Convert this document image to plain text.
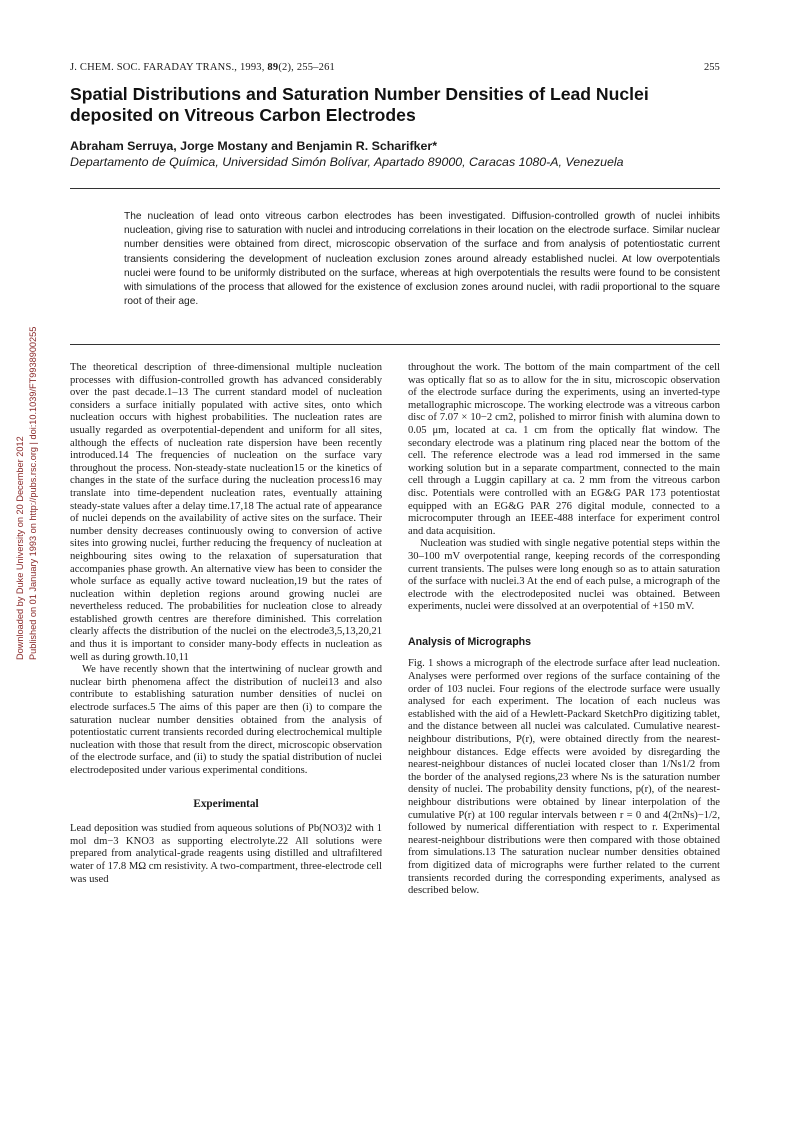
Downloaded by Duke University on 20 December 2012 Published on 01 January 1993 on http://pubs.rsc.org | doi:10.1039/FT9938900255
J. CHEM. SOC. FARADAY TRANS., 1993, 89(2), 255–261	255
Spatial Distributions and Saturation Number Densities of Lead Nuclei deposited on Vitreous Carbon Electrodes
Abraham Serruya, Jorge Mostany and Benjamin R. Scharifker*
Departamento de Química, Universidad Simón Bolívar, Apartado 89000, Caracas 1080-A, Venezuela
The nucleation of lead onto vitreous carbon electrodes has been investigated. Diffusion-controlled growth of nuclei inhibits nucleation, giving rise to saturation with nuclei and introducing correlations in their location on the electrode surface. Similar nuclear number densities were obtained from direct, microscopic observation of the surface and from analysis of potentiostatic current transients considering the development of nucleation exclusion zones around already established nuclei. At low overpotentials nuclei were found to be uniformly distributed on the surface, whereas at high overpotentials the results were found to be consistent with simulations of the process that allowed for the existence of exclusion zones around nuclei, with radii proportional to the square root of their age.

The theoretical description of three-dimensional multiple nucleation processes with diffusion-controlled growth has advanced considerably over the past decade.1–13 The current standard model of nucleation considers a surface initially populated with active sites, onto which nucleation occurs with highest probabilities. The nucleation rates are usually regarded as overpotential-dependent and uniform for all sites, although the effects of nucleation rate dispersion have been recently introduced.14 The frequencies of nucleation on the surface vary throughout the process. Non-steady-state nucleation15 or the kinetics of changes in the state of the surface during the nucleation process16 may translate into time-dependent nucleation rates, eventually attaining steady-state values after a delay time.17,18 The actual rate of appearance of nuclei depends on the availability of active sites on the surface. Their number density decreases continuously owing to conversion of active sites into growing nuclei, further reducing the frequency of nucleation at neighbouring sites owing to the relaxation of supersaturation that accompanies phase growth. An alternative view has been to consider the whole surface as equally active toward nucleation,19 but the rates of nucleation within depletion regions around growing nuclei are nevertheless reduced. The probabilities for nucleation close to already established growth centres are therefore diminished. This correlation clearly affects the distribution of the nuclei on the electrode3,5,13,20,21 and thus it is important to consider many-body effects in nucleation as well as during growth.10,11

We have recently shown that the intertwining of nuclear growth and nuclear birth phenomena affect the distribution of nuclei13 and also contribute to establishing saturation number densities of nuclei on electrode surfaces.5 The aims of this paper are then (i) to compare the saturation nuclear number densities obtained from the analysis of potentiostatic current transients recorded during electrochemical multiple nucleation with those that result from the direct, microscopic observation of the electrode surface, and (ii) to study the spatial distribution of nuclei electrodeposited under various experimental conditions.

Experimental

Lead deposition was studied from aqueous solutions of Pb(NO3)2 with 1 mol dm−3 KNO3 as supporting electrolyte.22 All solutions were prepared from analytical-grade reagents using distilled and ultrafiltered water of 17.8 MΩ cm resistivity. A two-compartment, three-electrode cell was used

throughout the work. The bottom of the main compartment of the cell was optically flat so as to allow for the in situ, microscopic observation of the electrode surface during the experiments, using an inverted-type metallographic microscope. The working electrode was a vitreous carbon disc of 7.07 × 10−2 cm2, polished to mirror finish with alumina down to 0.05 μm, located at ca. 1 cm from the optically flat window. The secondary electrode was a platinum ring placed near the bottom of the cell. The reference electrode was a lead rod immersed in the same working solution but in a separate compartment, connected to the main cell through a Luggin capillary at ca. 2 mm from the vitreous carbon disc. Potentials were controlled with an EG&G PAR 173 potentiostat equipped with an EG&G PAR 276 digital module, connected to a microcomputer through an IEEE-488 interface for experiment control and data acquisition.

Nucleation was studied with single negative potential steps within the 30–100 mV overpotential range, keeping records of the corresponding current transients. The pulses were long enough so as to attain saturation of the surface with nuclei.3 At the end of each pulse, a micrograph of the electrode with the electrodeposited nuclei was obtained. Between experiments, nuclei were dissolved at an overpotential of +150 mV.

Analysis of Micrographs

Fig. 1 shows a micrograph of the electrode surface after lead nucleation. Analyses were performed over regions of the surface containing of the order of 103 nuclei. Four regions of the electrode surface were usually analysed for each experiment. The location of each nucleus was established with the aid of a Hewlett-Packard SketchPro digitizing tablet, and the distance between all nuclei was calculated. Cumulative nearest-neighbour distributions, P(r), were obtained directly from the nearest-neighbour distances. Edge effects were avoided by disregarding the nearest-neighbour distances of nuclei located closer than 1/Ns1/2 from the border of the analysed regions,23 where Ns is the saturation number density of nuclei. The probability density functions, p(r), of the nearest-neighbour distributions were obtained by linear interpolation of the cumulative P(r) at 100 regular intervals between r = 0 and 4(2πNs)−1/2, followed by numerical differentiation with respect to r. Experimental nearest-neighbour distributions were then compared with those obtained from simulations.13 The saturation nuclear number densities obtained from digitized data of micrographs were further related to the current transients recorded during the corresponding experiments, analysed as described below.
